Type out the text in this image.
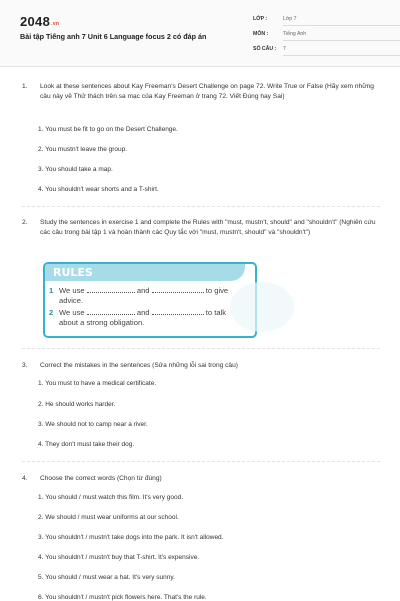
$2048^{.vn}$
Bài tập Tiếng anh 7 Unit 6 Language focus 2 có đáp án
LỚP :	Lớp 7
MÔN :	Tiếng Anh
SỐ CÂU : 7
1.	Look at these sentences about Kay Freeman's Desert Challenge on page 72. Write True or False (Hãy xem những câu này về Thử thách trên sa mạc của Kay Freeman ở trang 72. Viết Đúng hay Sai)
1. You must be fit to go on the Desert Challenge.
2. You mustn't leave the group.
3. You should take a map.
4. You shouldn't wear shorts and a T-shirt.
2.	Study the sentences in exercise 1 and complete the Rules with "must, mustn't, should" and "shouldn't" (Nghiên cứu các câu trong bài tập 1 và hoàn thành các Quy tắc với "must, mustn't, should" và "shouldn't")
RULES
1 We use	and	to give
advice.
2 We use	and	to talk
about a strong obligation.
3.	Correct the mistakes in the sentences (Sửa những lỗi sai trong câu)
1. You must to have a medical certificate.
2. He should works harder.
3. We should not to camp near a river.
4. They don't must take their dog.
4.	Choose the correct words (Chọn từ đúng)
1. You should / must watch this film. It's very good.
2. We should / must wear uniforms at our school.
3. You shouldn't / mustn't take dogs into the park. It isn't allowed.
4. You shouldn't / mustn't buy that T-shirt. It's expensive.
5. You should / must wear a hat. It's very sunny.
6. You shouldn't / mustn't pick flowers here. That's the rule.
